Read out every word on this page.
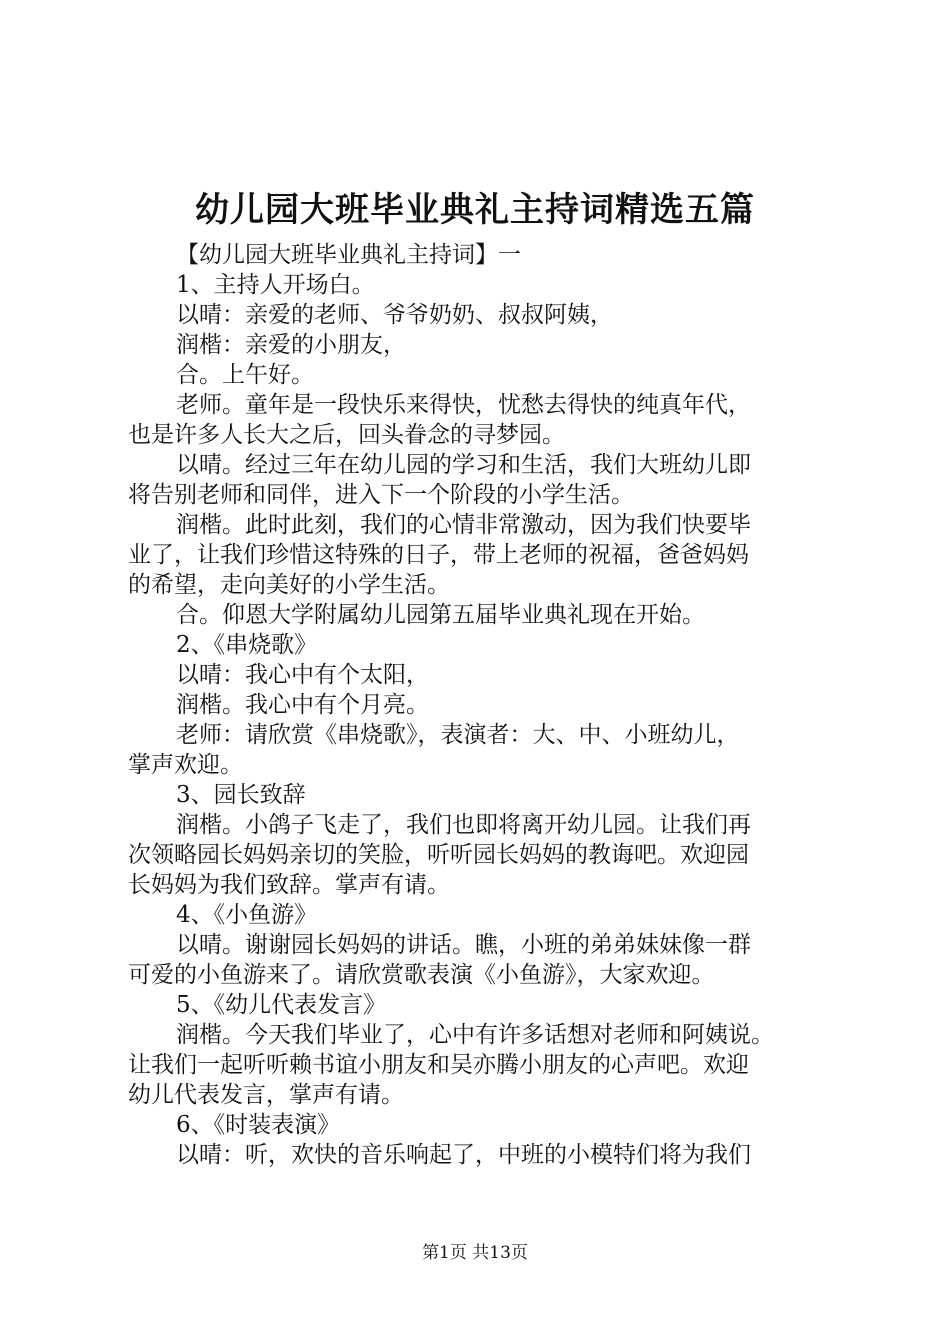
幼儿园大班毕业典礼主持词精选五篇
【幼儿园大班毕业典礼主持词】一
1、主持人开场白。
以晴：亲爱的老师、爷爷奶奶、叔叔阿姨，
润楷：亲爱的小朋友，
合。上午好。
老师。童年是一段快乐来得快，忧愁去得快的纯真年代，
也是许多人长大之后，回头眷念的寻梦园。
以晴。经过三年在幼儿园的学习和生活，我们大班幼儿即
将告别老师和同伴，进入下一个阶段的小学生活。
润楷。此时此刻，我们的心情非常激动，因为我们快要毕
业了，让我们珍惜这特殊的日子，带上老师的祝福，爸爸妈妈
的希望，走向美好的小学生活。
合。仰恩大学附属幼儿园第五届毕业典礼现在开始。
2、《串烧歌》
以晴：我心中有个太阳，
润楷。我心中有个月亮。
老师：请欣赏《串烧歌》，表演者：大、中、小班幼儿，
掌声欢迎。
3、园长致辞
润楷。小鸽子飞走了，我们也即将离开幼儿园。让我们再
次领略园长妈妈亲切的笑脸，听听园长妈妈的教诲吧。欢迎园
长妈妈为我们致辞。掌声有请。
4、《小鱼游》
以晴。谢谢园长妈妈的讲话。瞧，小班的弟弟妹妹像一群
可爱的小鱼游来了。请欣赏歌表演《小鱼游》，大家欢迎。
5、《幼儿代表发言》
润楷。今天我们毕业了，心中有许多话想对老师和阿姨说。
让我们一起听听赖书谊小朋友和吴亦腾小朋友的心声吧。欢迎
幼儿代表发言，掌声有请。
6、《时装表演》
以晴：听，欢快的音乐响起了，中班的小模特们将为我们
第1页 共13页
